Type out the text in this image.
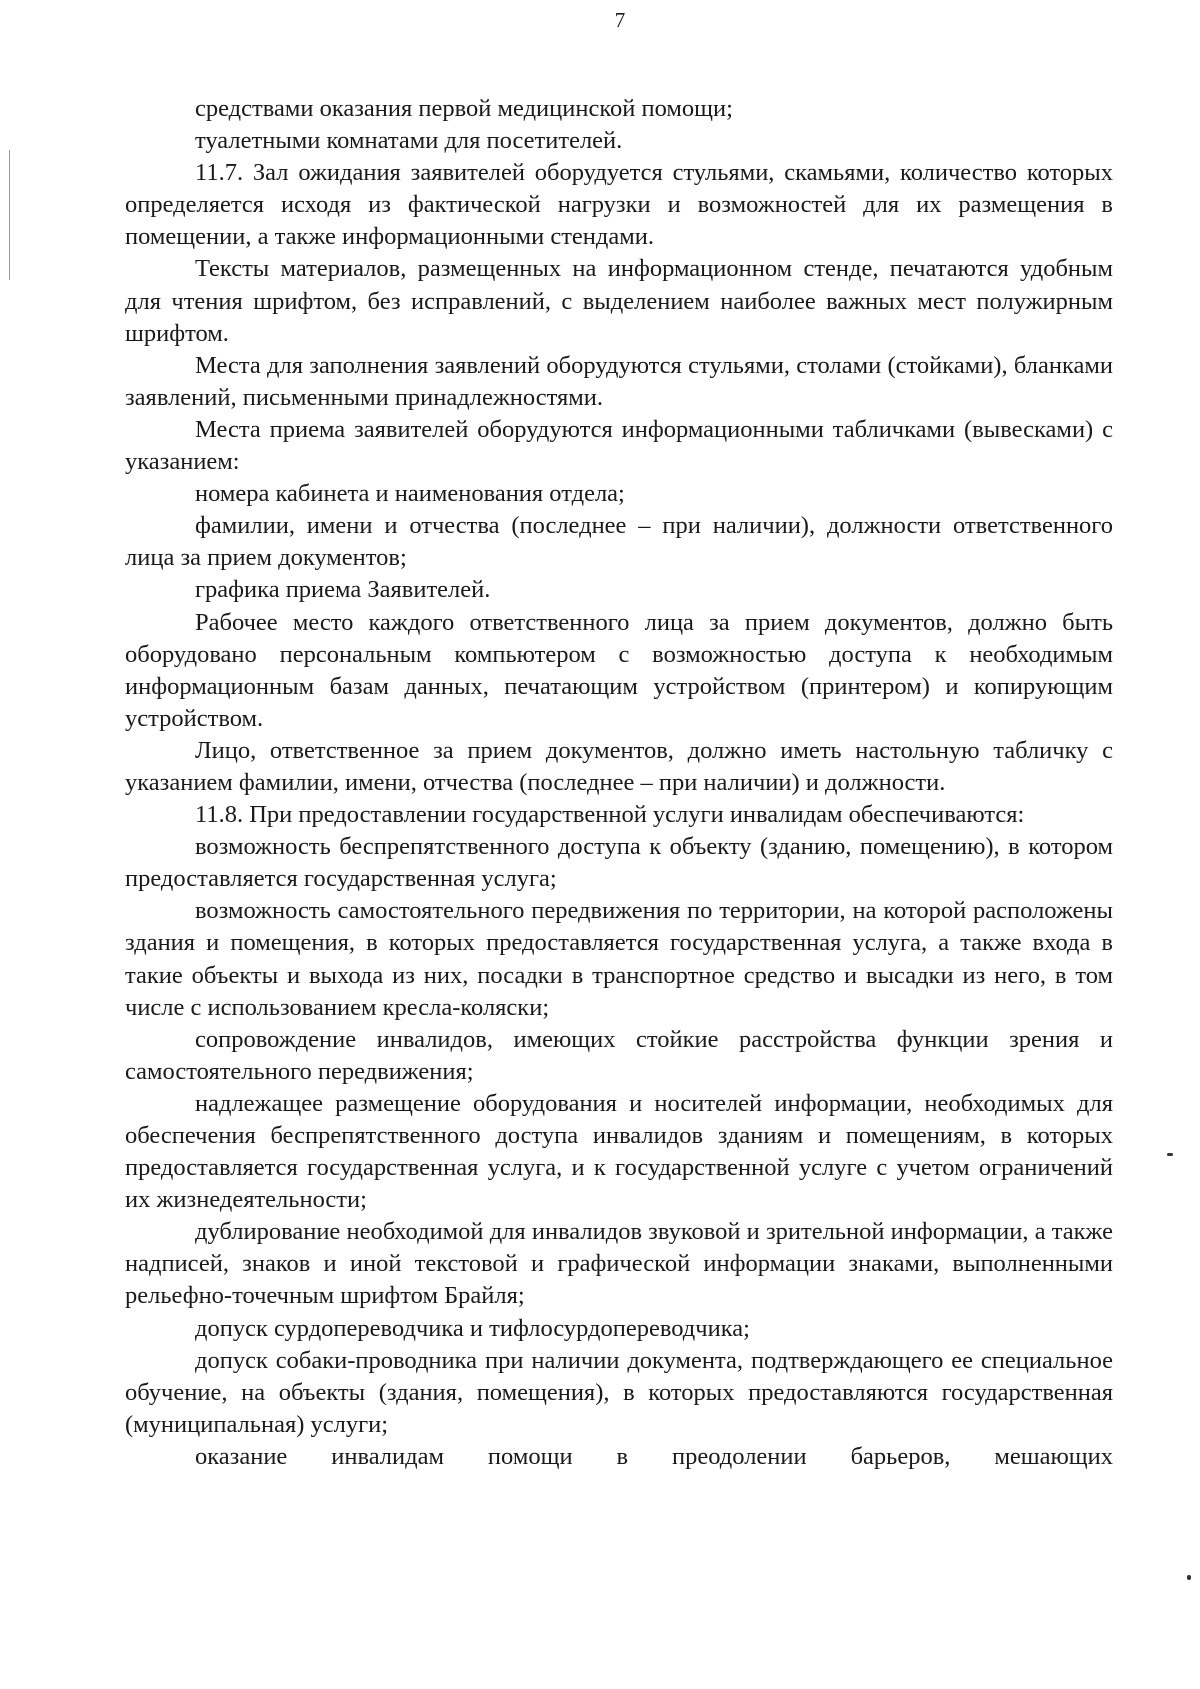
7

средствами оказания первой медицинской помощи;

туалетными комнатами для посетителей.

11.7. Зал ожидания заявителей оборудуется стульями, скамьями, количество которых определяется исходя из фактической нагрузки и возможностей для их размещения в помещении, а также информационными стендами.

Тексты материалов, размещенных на информационном стенде, печатаются удобным для чтения шрифтом, без исправлений, с выделением наиболее важных мест полужирным шрифтом.

Места для заполнения заявлений оборудуются стульями, столами (стойками), бланками заявлений, письменными принадлежностями.

Места приема заявителей оборудуются информационными табличками (вывесками) с указанием:

номера кабинета и наименования отдела;

фамилии, имени и отчества (последнее – при наличии), должности ответственного лица за прием документов;

графика приема Заявителей.

Рабочее место каждого ответственного лица за прием документов, должно быть оборудовано персональным компьютером с возможностью доступа к необходимым информационным базам данных, печатающим устройством (принтером) и копирующим устройством.

Лицо, ответственное за прием документов, должно иметь настольную табличку с указанием фамилии, имени, отчества (последнее – при наличии) и должности.

11.8. При предоставлении государственной услуги инвалидам обеспечиваются:

возможность беспрепятственного доступа к объекту (зданию, помещению), в котором предоставляется государственная услуга;

возможность самостоятельного передвижения по территории, на которой расположены здания и помещения, в которых предоставляется государственная услуга, а также входа в такие объекты и выхода из них, посадки в транспортное средство и высадки из него, в том числе с использованием кресла-коляски;

сопровождение инвалидов, имеющих стойкие расстройства функции зрения и самостоятельного передвижения;

надлежащее размещение оборудования и носителей информации, необходимых для обеспечения беспрепятственного доступа инвалидов зданиям и помещениям, в которых предоставляется государственная услуга, и к государственной услуге с учетом ограничений их жизнедеятельности;

дублирование необходимой для инвалидов звуковой и зрительной информации, а также надписей, знаков и иной текстовой и графической информации знаками, выполненными рельефно-точечным шрифтом Брайля;

допуск сурдопереводчика и тифлосурдопереводчика;

допуск собаки-проводника при наличии документа, подтверждающего ее специальное обучение, на объекты (здания, помещения), в которых предоставляются государственная (муниципальная) услуги;

оказание инвалидам помощи в преодолении барьеров, мешающих
